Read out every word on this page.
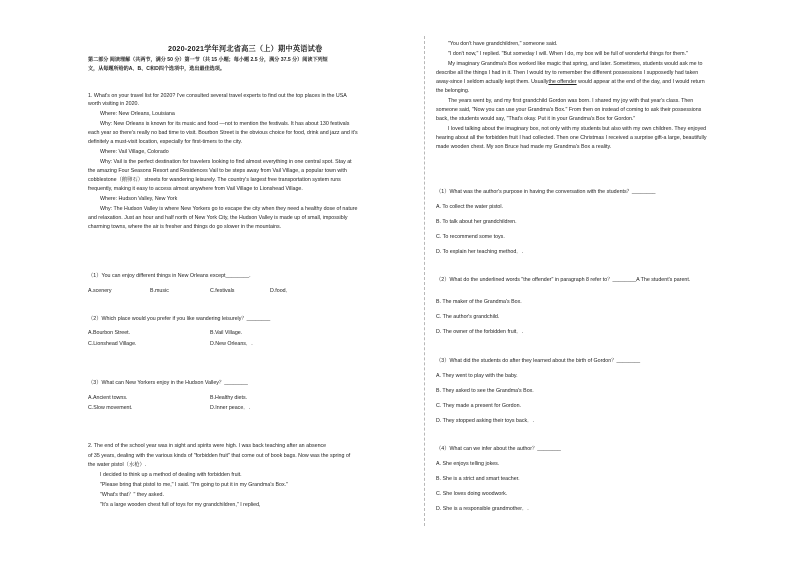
2020-2021学年河北省高三（上）期中英语试卷
第二部分 阅读理解（共两节，满分 50 分）第一节（共 15 小题；每小题 2.5 分，满分 37.5 分）阅读下列短
文，从每题所给的A、B、C和D四个选项中，选出最佳选项。
1. What's on your travel list for 2020? I've consulted several travel experts to find out the top places in the USA
worth visiting in 2020.
Where: New Orleans, Louisiana
Why: New Orleans is known for its music and food —not to mention the festivals. It has about 130 festivals
each year so there's really no bad time to visit. Bourbon Street is the obvious choice for food, drink and jazz and it's
definitely a must-visit location, especially for first-timers to the city.
Where: Vail Village, Colorado
Why: Vail is the perfect destination for travelers looking to find almost everything in one central spot. Stay at
the amazing Four Seasons Resort and Residences Vail to be steps away from Vail Village, a popular town with
cobblestone（鹅卵石） streets for wandering leisurely. The country's largest free transportation system runs
frequently, making it easy to access almost anywhere from Vail Village to Lionshead Village.
Where: Hudson Valley, New York
Why: The Hudson Valley is where New Yorkers go to escape the city when they need a healthy dose of nature
and relaxation. Just an hour and half north of New York City, the Hudson Valley is made up of small, impossibly
charming towns, where the air is fresher and things do go slower in the mountains.
（1）You can enjoy different things in New Orleans except________.
A.scenery	B.music	C.festivals	D.food．
（2）Which place would you prefer if you like wandering leisurely？________
A.Bourbon Street.	B.Vail Village.
C.Lionshead Village.	D.New Orleans．.
（3）What can New Yorkers enjoy in the Hudson Valley？________
A.Ancient towns.	B.Healthy diets.
C.Slow movement.	D.Inner peace．.
2. The end of the school year was in sight and spirits were high. I was back teaching after an absence
of 35 years, dealing with the various kinds of "forbidden fruit" that come out of book bags. Now was the spring of
the water pistol（水枪）.
I decided to think up a method of dealing with forbidden fruit.
"Please bring that pistol to me," I said. "I'm going to put it in my Grandma's Box."
"What's that？" they asked.
"It's a large wooden chest full of toys for my grandchildren," I replied,
"You don't have grandchildren," someone said.
"I don't now," I replied. "But someday I will. When I do, my box will be full of wonderful things for them."
My imaginary Grandma's Box worked like magic that spring, and later. Sometimes, students would ask me to
describe all the things I had in it. Then I would try to remember the different possessions I supposedly had taken
away-since I seldom actually kept them. Usuallythe offender would appear at the end of the day, and I would return
the belonging.
The years went by, and my first grandchild Gordon was born. I shared my joy with that year's class. Then
someone said, "Now you can use your Grandma's Box." From then on instead of coming to ask their possessions
back, the students would say, "That's okay. Put it in your Grandma's Box for Gordon."
I loved talking about the imaginary box, not only with my students but also with my own children. They enjoyed
hearing about all the forbidden fruit I had collected. Then one Christmas I received a surprise gift-a large, beautifully
made wooden chest. My son Bruce had made my Grandma's Box a reality.
（1）What was the author's purpose in having the conversation with the students？________
A. To collect the water pistol.
B. To talk about her grandchildren.
C. To recommend some toys.
D. To explain her teaching method．.
（2）What do the underlined words "the offender" in paragraph 8 refer to？________A The student's parent.
B. The maker of the Grandma's Box.
C. The author's grandchild.
D. The owner of the forbidden fruit．.
（3）What did the students do after they learned about the birth of Gordon？________
A. They went to play with the baby.
B. They asked to see the Grandma's Box.
C. They made a present for Gordon.
D. They stopped asking their toys back．.
（4）What can we infer about the author？________
A. She enjoys telling jokes.
B. She is a strict and smart teacher.
C. She loves doing woodwork.
D. She is a responsible grandmother．.
